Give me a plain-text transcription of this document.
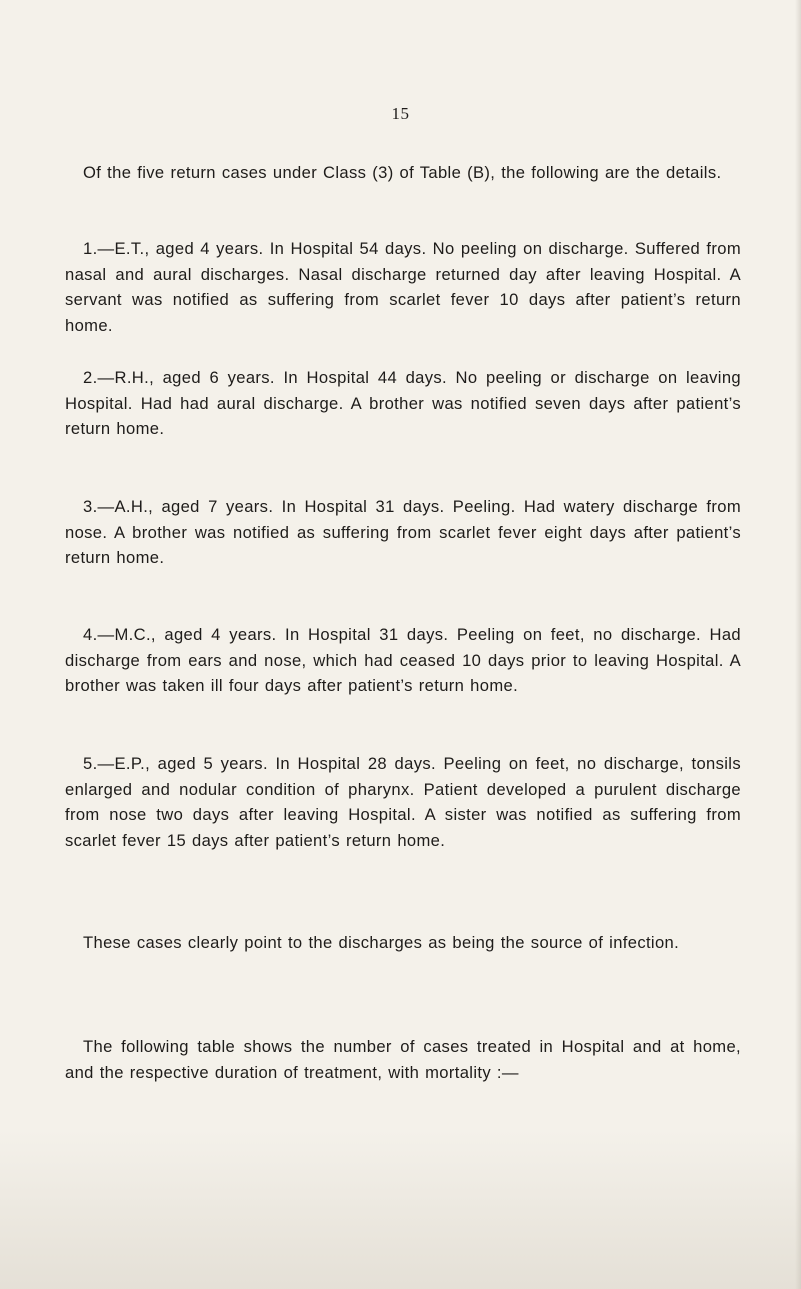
15

Of the five return cases under Class (3) of Table (B), the following are the details.

1.—E.T., aged 4 years. In Hospital 54 days. No peeling on discharge. Suffered from nasal and aural discharges. Nasal discharge returned day after leaving Hospital. A servant was notified as suffering from scarlet fever 10 days after patient’s return home.

2.—R.H., aged 6 years. In Hospital 44 days. No peeling or discharge on leaving Hospital. Had had aural discharge. A brother was notified seven days after patient’s return home.

3.—A.H., aged 7 years. In Hospital 31 days. Peeling. Had watery discharge from nose. A brother was notified as suffering from scarlet fever eight days after patient’s return home.

4.—M.C., aged 4 years. In Hospital 31 days. Peeling on feet, no discharge. Had discharge from ears and nose, which had ceased 10 days prior to leaving Hospital. A brother was taken ill four days after patient’s return home.

5.—E.P., aged 5 years. In Hospital 28 days. Peeling on feet, no discharge, tonsils enlarged and nodular condition of pharynx. Patient developed a purulent discharge from nose two days after leaving Hospital. A sister was notified as suffering from scarlet fever 15 days after patient’s return home.

These cases clearly point to the discharges as being the source of infection.

The following table shows the number of cases treated in Hospital and at home, and the respective duration of treatment, with mortality :—
